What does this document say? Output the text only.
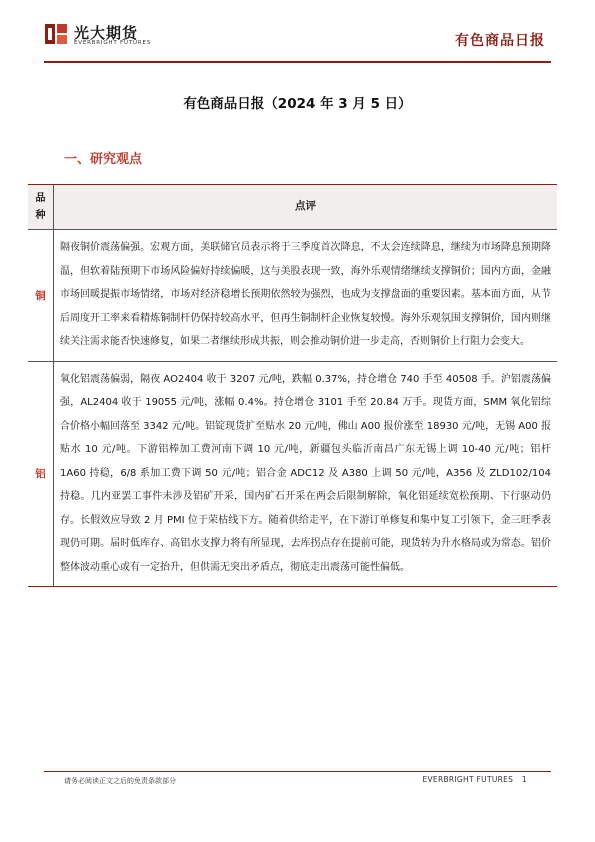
光大期货
EVERBRIGHT FUTURES	有色商品日报
有色商品日报（2024 年 3 月 5 日）
一、研究观点
品
种
点评
铜
隔夜铜价震荡偏强。宏观方面，美联储官员表示将于三季度首次降息，不太会连续降息，继续为市场降息预期降温，但软着陆预期下市场风险偏好持续偏暖，这与美股表现一致，海外乐观情绪继续支撑铜价；国内方面，金融市场回暖提振市场情绪，市场对经济稳增长预期依然较为强烈，也成为支撑盘面的重要因素。基本面方面，从节后周度开工率来看精炼铜制杆仍保持较高水平，但再生铜制杆企业恢复较慢。海外乐观氛围支撑铜价，国内则继续关注需求能否快速修复，如果二者继续形成共振，则会推动铜价进一步走高，否则铜价上行阻力会变大。
铝
氧化铝震荡偏弱，隔夜 AO2404 收于 3207 元/吨，跌幅 0.37%，持仓增仓 740 手至 40508 手。沪铝震荡偏强，AL2404 收于 19055 元/吨，涨幅 0.4%。持仓增仓 3101 手至 20.84 万手。现货方面，SMM 氧化铝综合价格小幅回落至 3342 元/吨。铝锭现货扩至贴水 20 元/吨，佛山 A00 报价涨至 18930 元/吨，无锡 A00 报贴水 10 元/吨。下游铝棒加工费河南下调 10 元/吨，新疆包头临沂南昌广东无锡上调 10-40 元/吨；铝杆 1A60 持稳，6/8 系加工费下调 50 元/吨；铝合金 ADC12 及 A380 上调 50 元/吨，A356 及 ZLD102/104 持稳。几内亚罢工事件未涉及铝矿开采，国内矿石开采在两会后限制解除，氧化铝延续宽松预期、下行驱动仍存。长假效应导致 2 月 PMI 位于荣枯线下方。随着供给走平，在下游订单修复和集中复工引领下，金三旺季表现仍可期。届时低库存、高铝水支撑力将有所显现，去库拐点存在提前可能，现货转为升水格局或为常态。铝价整体波动重心或有一定抬升，但供需无突出矛盾点，彻底走出震荡可能性偏低。
请务必阅读正文之后的免责条款部分	EVERBRIGHT FUTURES 1
